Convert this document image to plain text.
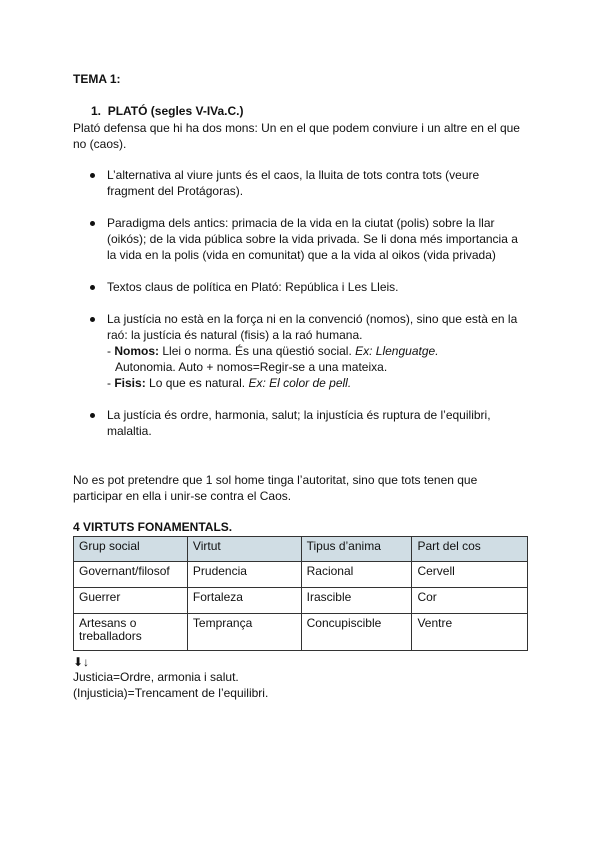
TEMA 1:
1. PLATÓ (segles V-IVa.C.)
Plató defensa que hi ha dos mons: Un en el que podem conviure i un altre en el que no (caos).
L’alternativa al viure junts és el caos, la lluita de tots contra tots (veure fragment del Protágoras).
Paradigma dels antics: primacia de la vida en la ciutat (polis) sobre la llar (oikós); de la vida pública sobre la vida privada. Se li dona més importancia a la vida en la polis (vida en comunitat) que a la vida al oikos (vida privada)
Textos claus de política en Plató: República i Les Lleis.
La justícia no està en la força ni en la convenció (nomos), sino que està en la raó: la justícia és natural (fisis) a la raó humana.
- Nomos: Llei o norma. És una qüestió social. Ex: Llenguatge.
Autonomia. Auto + nomos=Regir-se a una mateixa.
- Fisis: Lo que es natural. Ex: El color de pell.
La justícia és ordre, harmonia, salut; la injustícia és ruptura de l’equilibri, malaltia.
No es pot pretendre que 1 sol home tinga l’autoritat, sino que tots tenen que participar en ella i unir-se contra el Caos.
4 VIRTUTS FONAMENTALS.
Grup social	Virtut	Tipus d’anima	Part del cos
Governant/filosof	Prudencia	Racional	Cervell
Guerrer	Fortaleza	Irascible	Cor
Artesans o treballadors	Temprança	Concupiscible	Ventre
⬇↓
Justicia=Ordre, armonia i salut.
(Injusticia)=Trencament de l’equilibri.
